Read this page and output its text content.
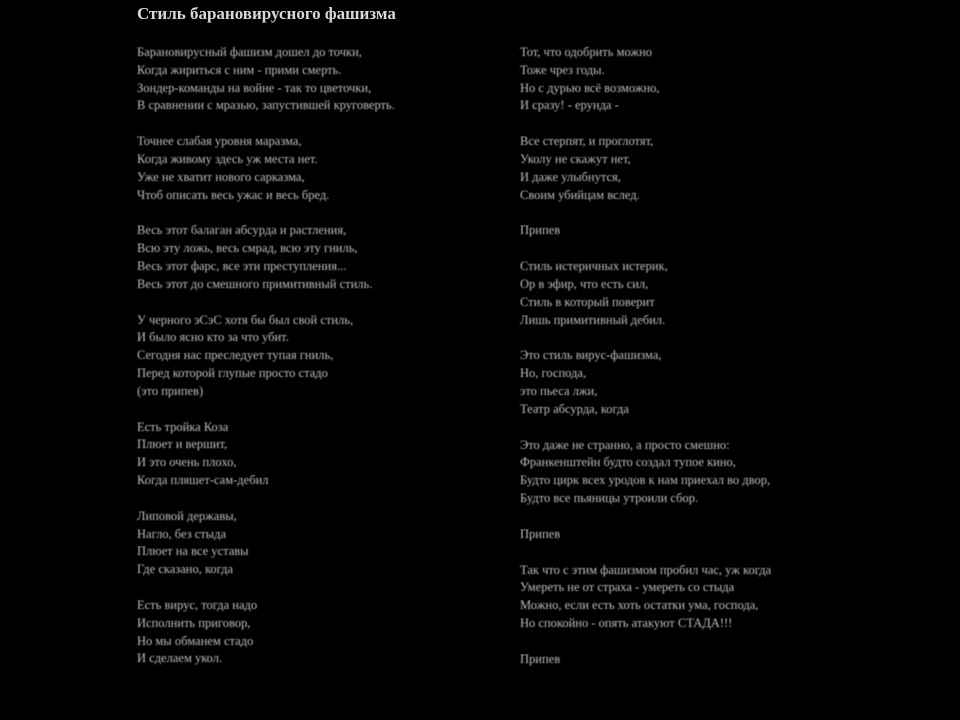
Стиль барановирусного фашизма
Барановирусный фашизм дошел до точки,
Когда жириться с ним - прими смерть.
Зондер-команды на войне - так то цветочки,
В сравнении с мразью, запустившей круговерть.
Точнее слабая уровня маразма,
Когда живому здесь уж места нет.
Уже не хватит нового сарказма,
Чтоб описать весь ужас и весь бред.
Весь этот балаган абсурда и растления,
Всю эту ложь, весь смрад, всю эту гниль,
Весь этот фарс, все эти преступления...
Весь этот до смешного примитивный стиль.
У черного эСэС хотя бы был свой стиль,
И было ясно кто за что убит.
Сегодня нас преследует тупая гниль,
Перед которой глупые просто стадо
(это припев)
Есть тройка Коза
Плюет и вершит,
И это очень плохо,
Когда пляшет-сам-дебил
Липовой державы,
Нагло, без стыда
Плюет на все уставы
Где сказано, когда
Есть вирус, тогда надо
Исполнить приговор,
Но мы обманем стадо
И сделаем укол.
Тот, что одобрить можно
Тоже чрез годы.
Но с дурью всё возможно,
И сразу! - ерунда -
Все стерпят, и проглотят,
Уколу не скажут нет,
И даже улыбнутся,
Своим убийцам вслед.
Припев
Стиль истеричных истерик,
Ор в эфир, что есть сил,
Стиль в который поверит
Лишь примитивный дебил.
Это стиль вирус-фашизма,
Но, господа,
это пьеса лжи,
Театр абсурда, когда
Это даже не странно, а просто смешно:
Франкенштейн будто создал тупое кино,
Будто цирк всех уродов к нам приехал во двор,
Будто все пьяницы утроили сбор.
Припев
Так что с этим фашизмом пробил час, уж когда
Умереть не от страха - умереть со стыда
Можно, если есть хоть остатки ума, господа,
Но спокойно - опять атакуют СТАДА!!!
Припев
